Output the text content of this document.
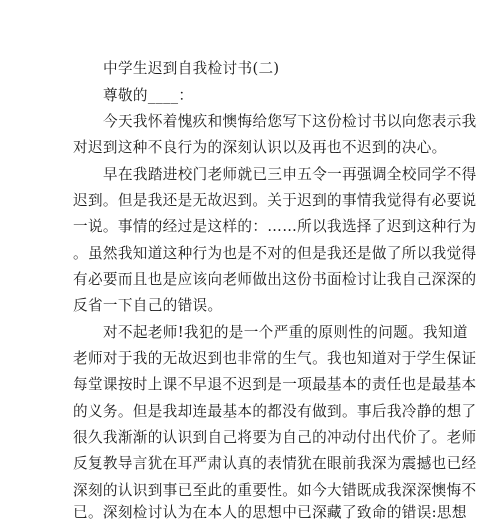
中学生迟到自我检讨书(二)
尊敬的____：
今天我怀着愧疚和懊悔给您写下这份检讨书以向您表示我
对迟到这种不良行为的深刻认识以及再也不迟到的决心。
早在我踏进校门老师就已三申五令一再强调全校同学不得
迟到。但是我还是无故迟到。关于迟到的事情我觉得有必要说
一说。事情的经过是这样的：……所以我选择了迟到这种行为
。虽然我知道这种行为也是不对的但是我还是做了所以我觉得
有必要而且也是应该向老师做出这份书面检讨让我自己深深的
反省一下自己的错误。
对不起老师!我犯的是一个严重的原则性的问题。我知道
老师对于我的无故迟到也非常的生气。我也知道对于学生保证
每堂课按时上课不早退不迟到是一项最基本的责任也是最基本
的义务。但是我却连最基本的都没有做到。事后我冷静的想了
很久我渐渐的认识到自己将要为自己的冲动付出代价了。老师
反复教导言犹在耳严肃认真的表情犹在眼前我深为震撼也已经
深刻的认识到事已至此的重要性。如今大错既成我深深懊悔不
已。深刻检讨认为在本人的思想中已深藏了致命的错误:思想
